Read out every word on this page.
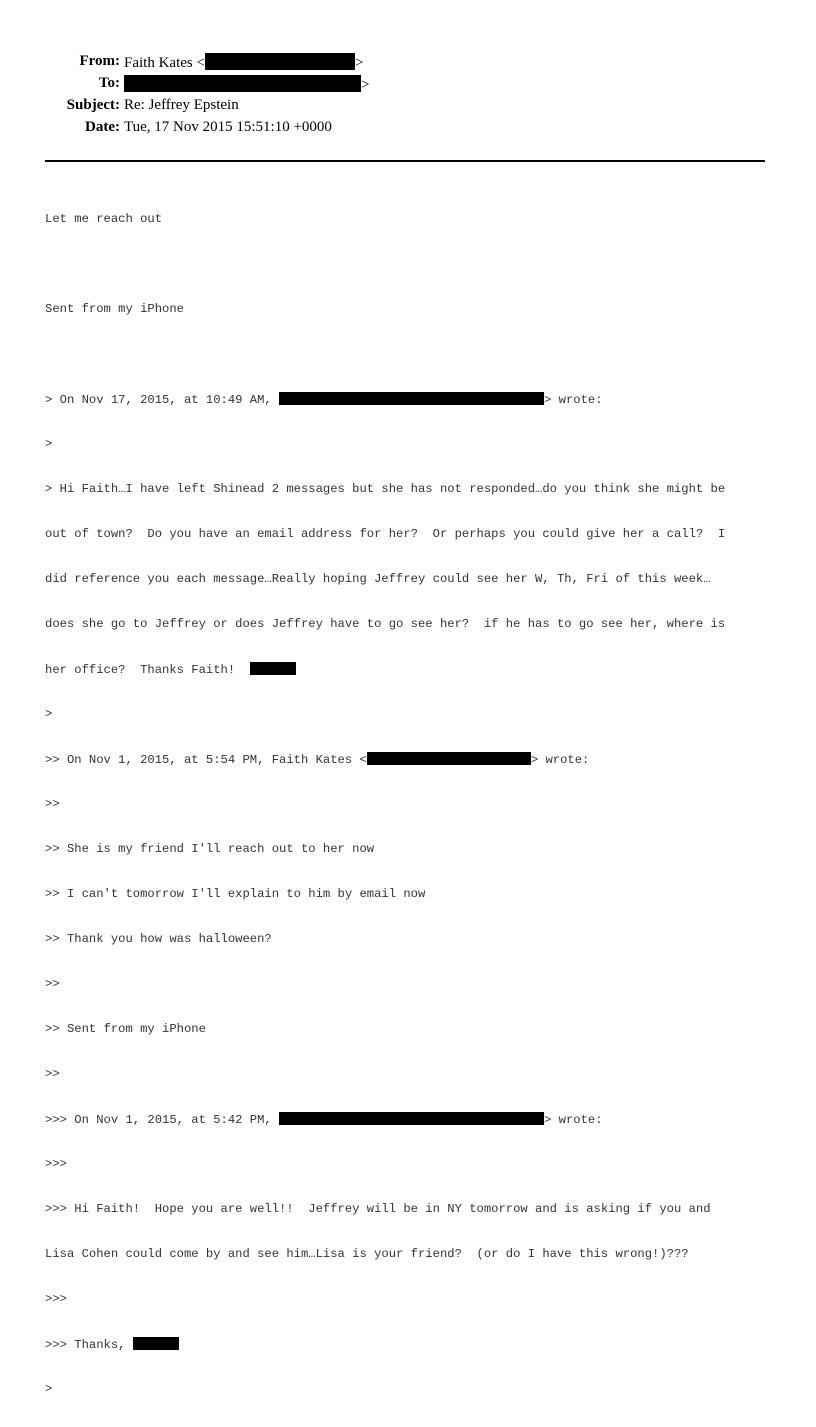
From: Faith Kates <	>
To:	>
Subject: Re: Jeffrey Epstein
Date: Tue, 17 Nov 2015 15:51:10 +0000

Let me reach out

Sent from my iPhone

> On Nov 17, 2015, at 10:49 AM,	> wrote:

>

> Hi Faith…I have left Shinead 2 messages but she has not responded…do you think she might be

out of town?  Do you have an email address for her?  Or perhaps you could give her a call?  I

did reference you each message…Really hoping Jeffrey could see her W, Th, Fri of this week…

does she go to Jeffrey or does Jeffrey have to go see her?  if he has to go see her, where is

her office?  Thanks Faith!

>

>> On Nov 1, 2015, at 5:54 PM, Faith Kates <	> wrote:

>>

>> She is my friend I'll reach out to her now

>> I can't tomorrow I'll explain to him by email now

>> Thank you how was halloween?

>>

>> Sent from my iPhone

>>

>>> On Nov 1, 2015, at 5:42 PM,	> wrote:

>>>

>>> Hi Faith!  Hope you are well!!  Jeffrey will be in NY tomorrow and is asking if you and

Lisa Cohen could come by and see him…Lisa is your friend?  (or do I have this wrong!)???

>>>

>>> Thanks,

>
